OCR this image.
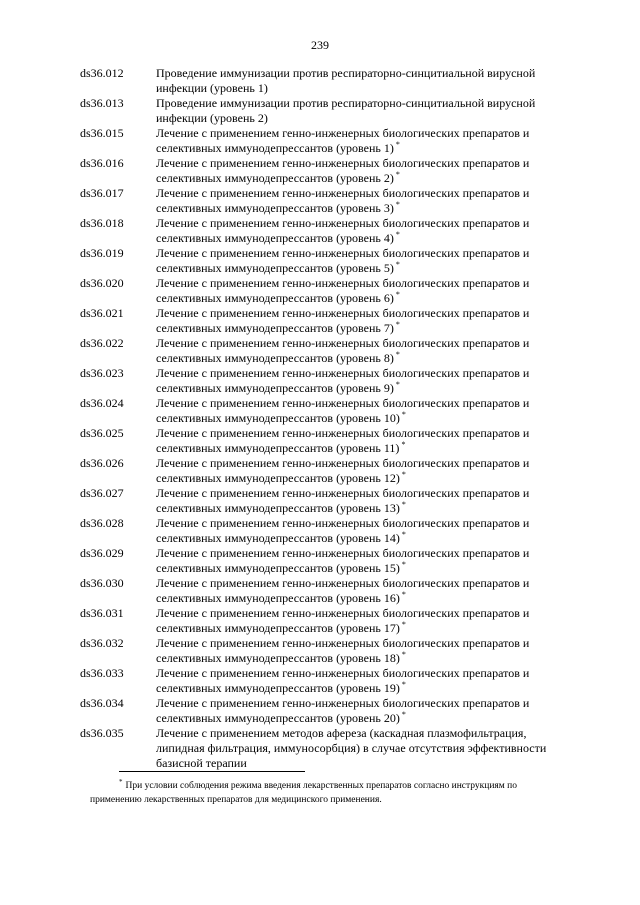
239
ds36.012	Проведение иммунизации против респираторно-синцитиальной вирусной
инфекции (уровень 1)
ds36.013	Проведение иммунизации против респираторно-синцитиальной вирусной
инфекции (уровень 2)
ds36.015	Лечение с применением генно-инженерных биологических препаратов и
селективных иммунодепрессантов (уровень 1) *
ds36.016	Лечение с применением генно-инженерных биологических препаратов и
селективных иммунодепрессантов (уровень 2) *
ds36.017	Лечение с применением генно-инженерных биологических препаратов и
селективных иммунодепрессантов (уровень 3) *
ds36.018	Лечение с применением генно-инженерных биологических препаратов и
селективных иммунодепрессантов (уровень 4) *
ds36.019	Лечение с применением генно-инженерных биологических препаратов и
селективных иммунодепрессантов (уровень 5) *
ds36.020	Лечение с применением генно-инженерных биологических препаратов и
селективных иммунодепрессантов (уровень 6) *
ds36.021	Лечение с применением генно-инженерных биологических препаратов и
селективных иммунодепрессантов (уровень 7) *
ds36.022	Лечение с применением генно-инженерных биологических препаратов и
селективных иммунодепрессантов (уровень 8) *
ds36.023	Лечение с применением генно-инженерных биологических препаратов и
селективных иммунодепрессантов (уровень 9) *
ds36.024	Лечение с применением генно-инженерных биологических препаратов и
селективных иммунодепрессантов (уровень 10) *
ds36.025	Лечение с применением генно-инженерных биологических препаратов и
селективных иммунодепрессантов (уровень 11) *
ds36.026	Лечение с применением генно-инженерных биологических препаратов и
селективных иммунодепрессантов (уровень 12) *
ds36.027	Лечение с применением генно-инженерных биологических препаратов и
селективных иммунодепрессантов (уровень 13) *
ds36.028	Лечение с применением генно-инженерных биологических препаратов и
селективных иммунодепрессантов (уровень 14) *
ds36.029	Лечение с применением генно-инженерных биологических препаратов и
селективных иммунодепрессантов (уровень 15) *
ds36.030	Лечение с применением генно-инженерных биологических препаратов и
селективных иммунодепрессантов (уровень 16) *
ds36.031	Лечение с применением генно-инженерных биологических препаратов и
селективных иммунодепрессантов (уровень 17) *
ds36.032	Лечение с применением генно-инженерных биологических препаратов и
селективных иммунодепрессантов (уровень 18) *
ds36.033	Лечение с применением генно-инженерных биологических препаратов и
селективных иммунодепрессантов (уровень 19) *
ds36.034	Лечение с применением генно-инженерных биологических препаратов и
селективных иммунодепрессантов (уровень 20) *
ds36.035	Лечение с применением методов афереза (каскадная плазмофильтрация,
липидная фильтрация, иммуносорбция) в случае отсутствия эффективности
базисной терапии
* При условии соблюдения режима введения лекарственных препаратов согласно инструкциям по
применению лекарственных препаратов для медицинского применения.
